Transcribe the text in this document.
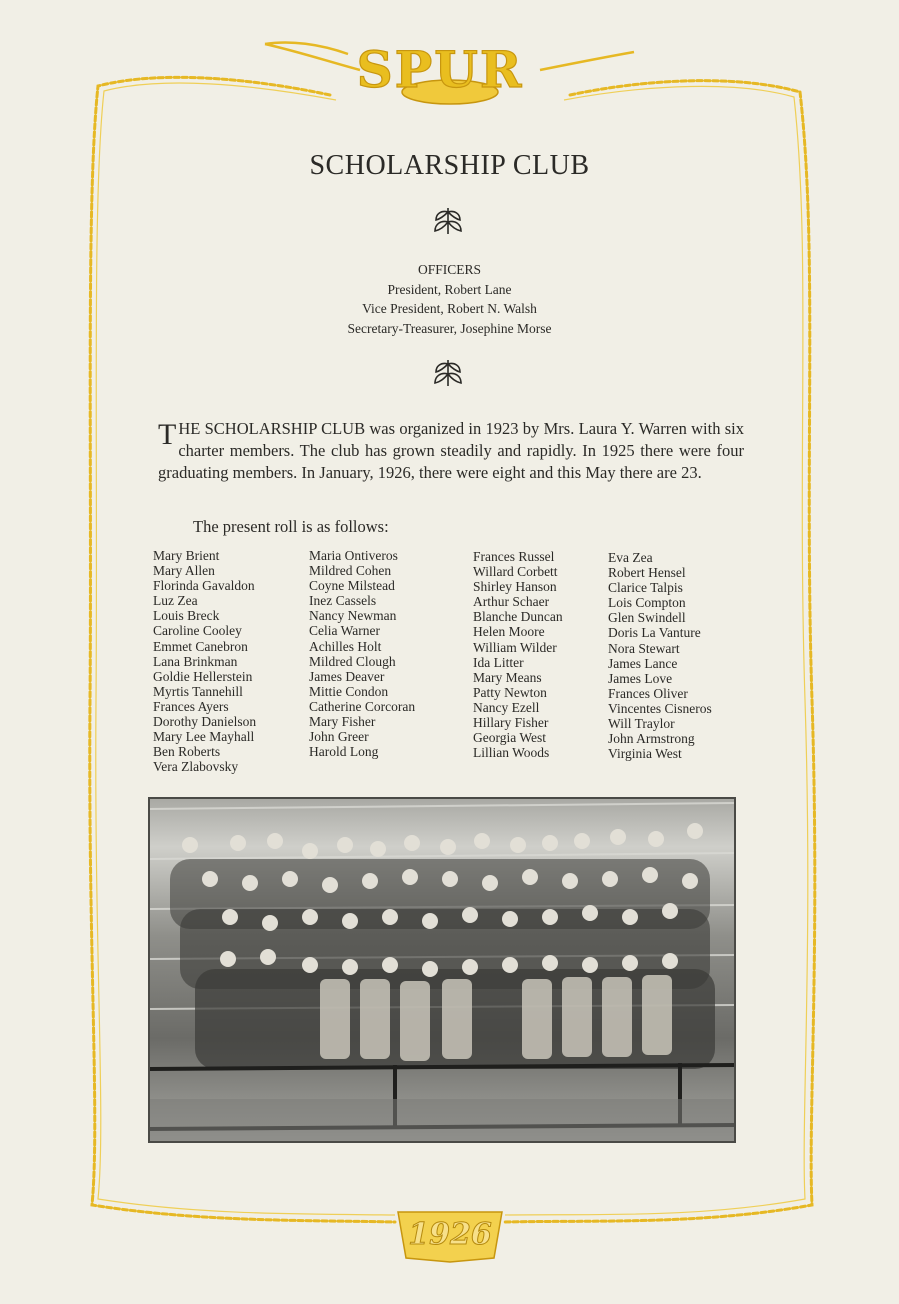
1926
SPUR
SCHOLARSHIP CLUB
OFFICERS
President, Robert Lane
Vice President, Robert N. Walsh
Secretary-Treasurer, Josephine Morse
THE SCHOLARSHIP CLUB was organized in 1923 by Mrs. Laura Y. Warren with six charter members. The club has grown steadily and rapidly. In 1925 there were four graduating members. In January, 1926, there were eight and this May there are 23.
The present roll is as follows:
Mary Brient
Mary Allen
Florinda Gavaldon
Luz Zea
Louis Breck
Caroline Cooley
Emmet Canebron
Lana Brinkman
Goldie Hellerstein
Myrtis Tannehill
Frances Ayers
Dorothy Danielson
Mary Lee Mayhall
Ben Roberts
Vera Zlabovsky
Maria Ontiveros
Mildred Cohen
Coyne Milstead
Inez Cassels
Nancy Newman
Celia Warner
Achilles Holt
Mildred Clough
James Deaver
Mittie Condon
Catherine Corcoran
Mary Fisher
John Greer
Harold Long
Frances Russel
Willard Corbett
Shirley Hanson
Arthur Schaer
Blanche Duncan
Helen Moore
William Wilder
Ida Litter
Mary Means
Patty Newton
Nancy Ezell
Hillary Fisher
Georgia West
Lillian Woods
Eva Zea
Robert Hensel
Clarice Talpis
Lois Compton
Glen Swindell
Doris La Vanture
Nora Stewart
James Lance
James Love
Frances Oliver
Vincentes Cisneros
Will Traylor
John Armstrong
Virginia West
